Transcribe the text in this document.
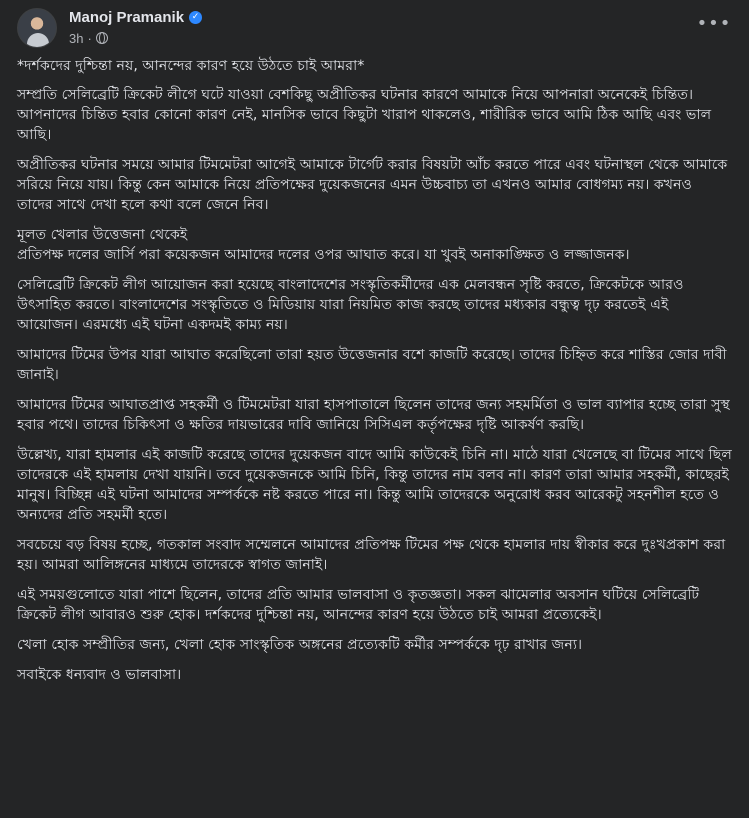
Manoj Pramanik ✓
3h ·
•••

*দর্শকদের দুশ্চিন্তা নয়, আনন্দের কারণ হয়ে উঠতে চাই আমরা*

সম্প্রতি সেলিব্রেটি ক্রিকেট লীগে ঘটে যাওয়া বেশকিছু অপ্রীতিকর ঘটনার কারণে আমাকে নিয়ে আপনারা অনেকেই চিন্তিত। আপনাদের চিন্তিত হবার কোনো কারণ নেই, মানসিক ভাবে কিছুটা খারাপ থাকলেও, শারীরিক ভাবে আমি ঠিক আছি এবং ভাল আছি।

অপ্রীতিকর ঘটনার সময়ে আমার টিমমেটরা আগেই আমাকে টার্গেট করার বিষয়টা আঁচ করতে পারে এবং ঘটনাস্থল থেকে আমাকে সরিয়ে নিয়ে যায়। কিন্তু কেন আমাকে নিয়ে প্রতিপক্ষের দুয়েকজনের এমন উচ্চবাচ্য তা এখনও আমার বোধগম্য নয়। কখনও তাদের সাথে দেখা হলে কথা বলে জেনে নিব।

মূলত খেলার উত্তেজনা থেকেই
প্রতিপক্ষ দলের জার্সি পরা কয়েকজন আমাদের দলের ওপর আঘাত করে। যা খুবই অনাকাঙ্ক্ষিত ও লজ্জাজনক।

সেলিব্রেটি ক্রিকেট লীগ আয়োজন করা হয়েছে বাংলাদেশের সংস্কৃতিকর্মীদের এক মেলবন্ধন সৃষ্টি করতে, ক্রিকেটকে আরও উৎসাহিত করতে। বাংলাদেশের সংস্কৃতিতে ও মিডিয়ায় যারা নিয়মিত কাজ করছে তাদের মধ্যকার বন্ধুত্ব দৃঢ় করতেই এই আয়োজন। এরমধ্যে এই ঘটনা একদমই কাম্য নয়।

আমাদের টিমের উপর যারা আঘাত করেছিলো তারা হয়ত উত্তেজনার বশে কাজটি করেছে। তাদের চিহ্নিত করে শাস্তির জোর দাবী জানাই।

আমাদের টিমের আঘাতপ্রাপ্ত সহকর্মী ও টিমমেটরা যারা হাসপাতালে ছিলেন তাদের জন্য সহমর্মিতা ও ভাল ব্যাপার হচ্ছে তারা সুস্থ হবার পথে। তাদের চিকিৎসা ও ক্ষতির দায়ভারের দাবি জানিয়ে সিসিএল কর্তৃপক্ষের দৃষ্টি আকর্ষণ করছি।

উল্লেখ্য, যারা হামলার এই কাজটি করেছে তাদের দুয়েকজন বাদে আমি কাউকেই চিনি না। মাঠে যারা খেলেছে বা টিমের সাথে ছিল তাদেরকে এই হামলায় দেখা যায়নি। তবে দুয়েকজনকে আমি চিনি, কিন্তু তাদের নাম বলব না। কারণ তারা আমার সহকর্মী, কাছেরই মানুষ। বিচ্ছিন্ন এই ঘটনা আমাদের সম্পর্ককে নষ্ট করতে পারে না। কিন্তু আমি তাদেরকে অনুরোধ করব আরেকটু সহনশীল হতে ও অন্যদের প্রতি সহমর্মী হতে।

সবচেয়ে বড় বিষয় হচ্ছে, গতকাল সংবাদ সম্মেলনে আমাদের প্রতিপক্ষ টিমের পক্ষ থেকে হামলার দায় স্বীকার করে দুঃখপ্রকাশ করা হয়। আমরা আলিঙ্গনের মাধ্যমে তাদেরকে স্বাগত জানাই।

এই সময়গুলোতে যারা পাশে ছিলেন, তাদের প্রতি আমার ভালবাসা ও কৃতজ্ঞতা। সকল ঝামেলার অবসান ঘটিয়ে সেলিব্রেটি ক্রিকেট লীগ আবারও শুরু হোক। দর্শকদের দুশ্চিন্তা নয়, আনন্দের কারণ হয়ে উঠতে চাই আমরা প্রত্যেকেই।

খেলা হোক সম্প্রীতির জন্য, খেলা হোক সাংস্কৃতিক অঙ্গনের প্রত্যেকটি কর্মীর সম্পর্ককে দৃঢ় রাখার জন্য।

সবাইকে ধন্যবাদ ও ভালবাসা।
